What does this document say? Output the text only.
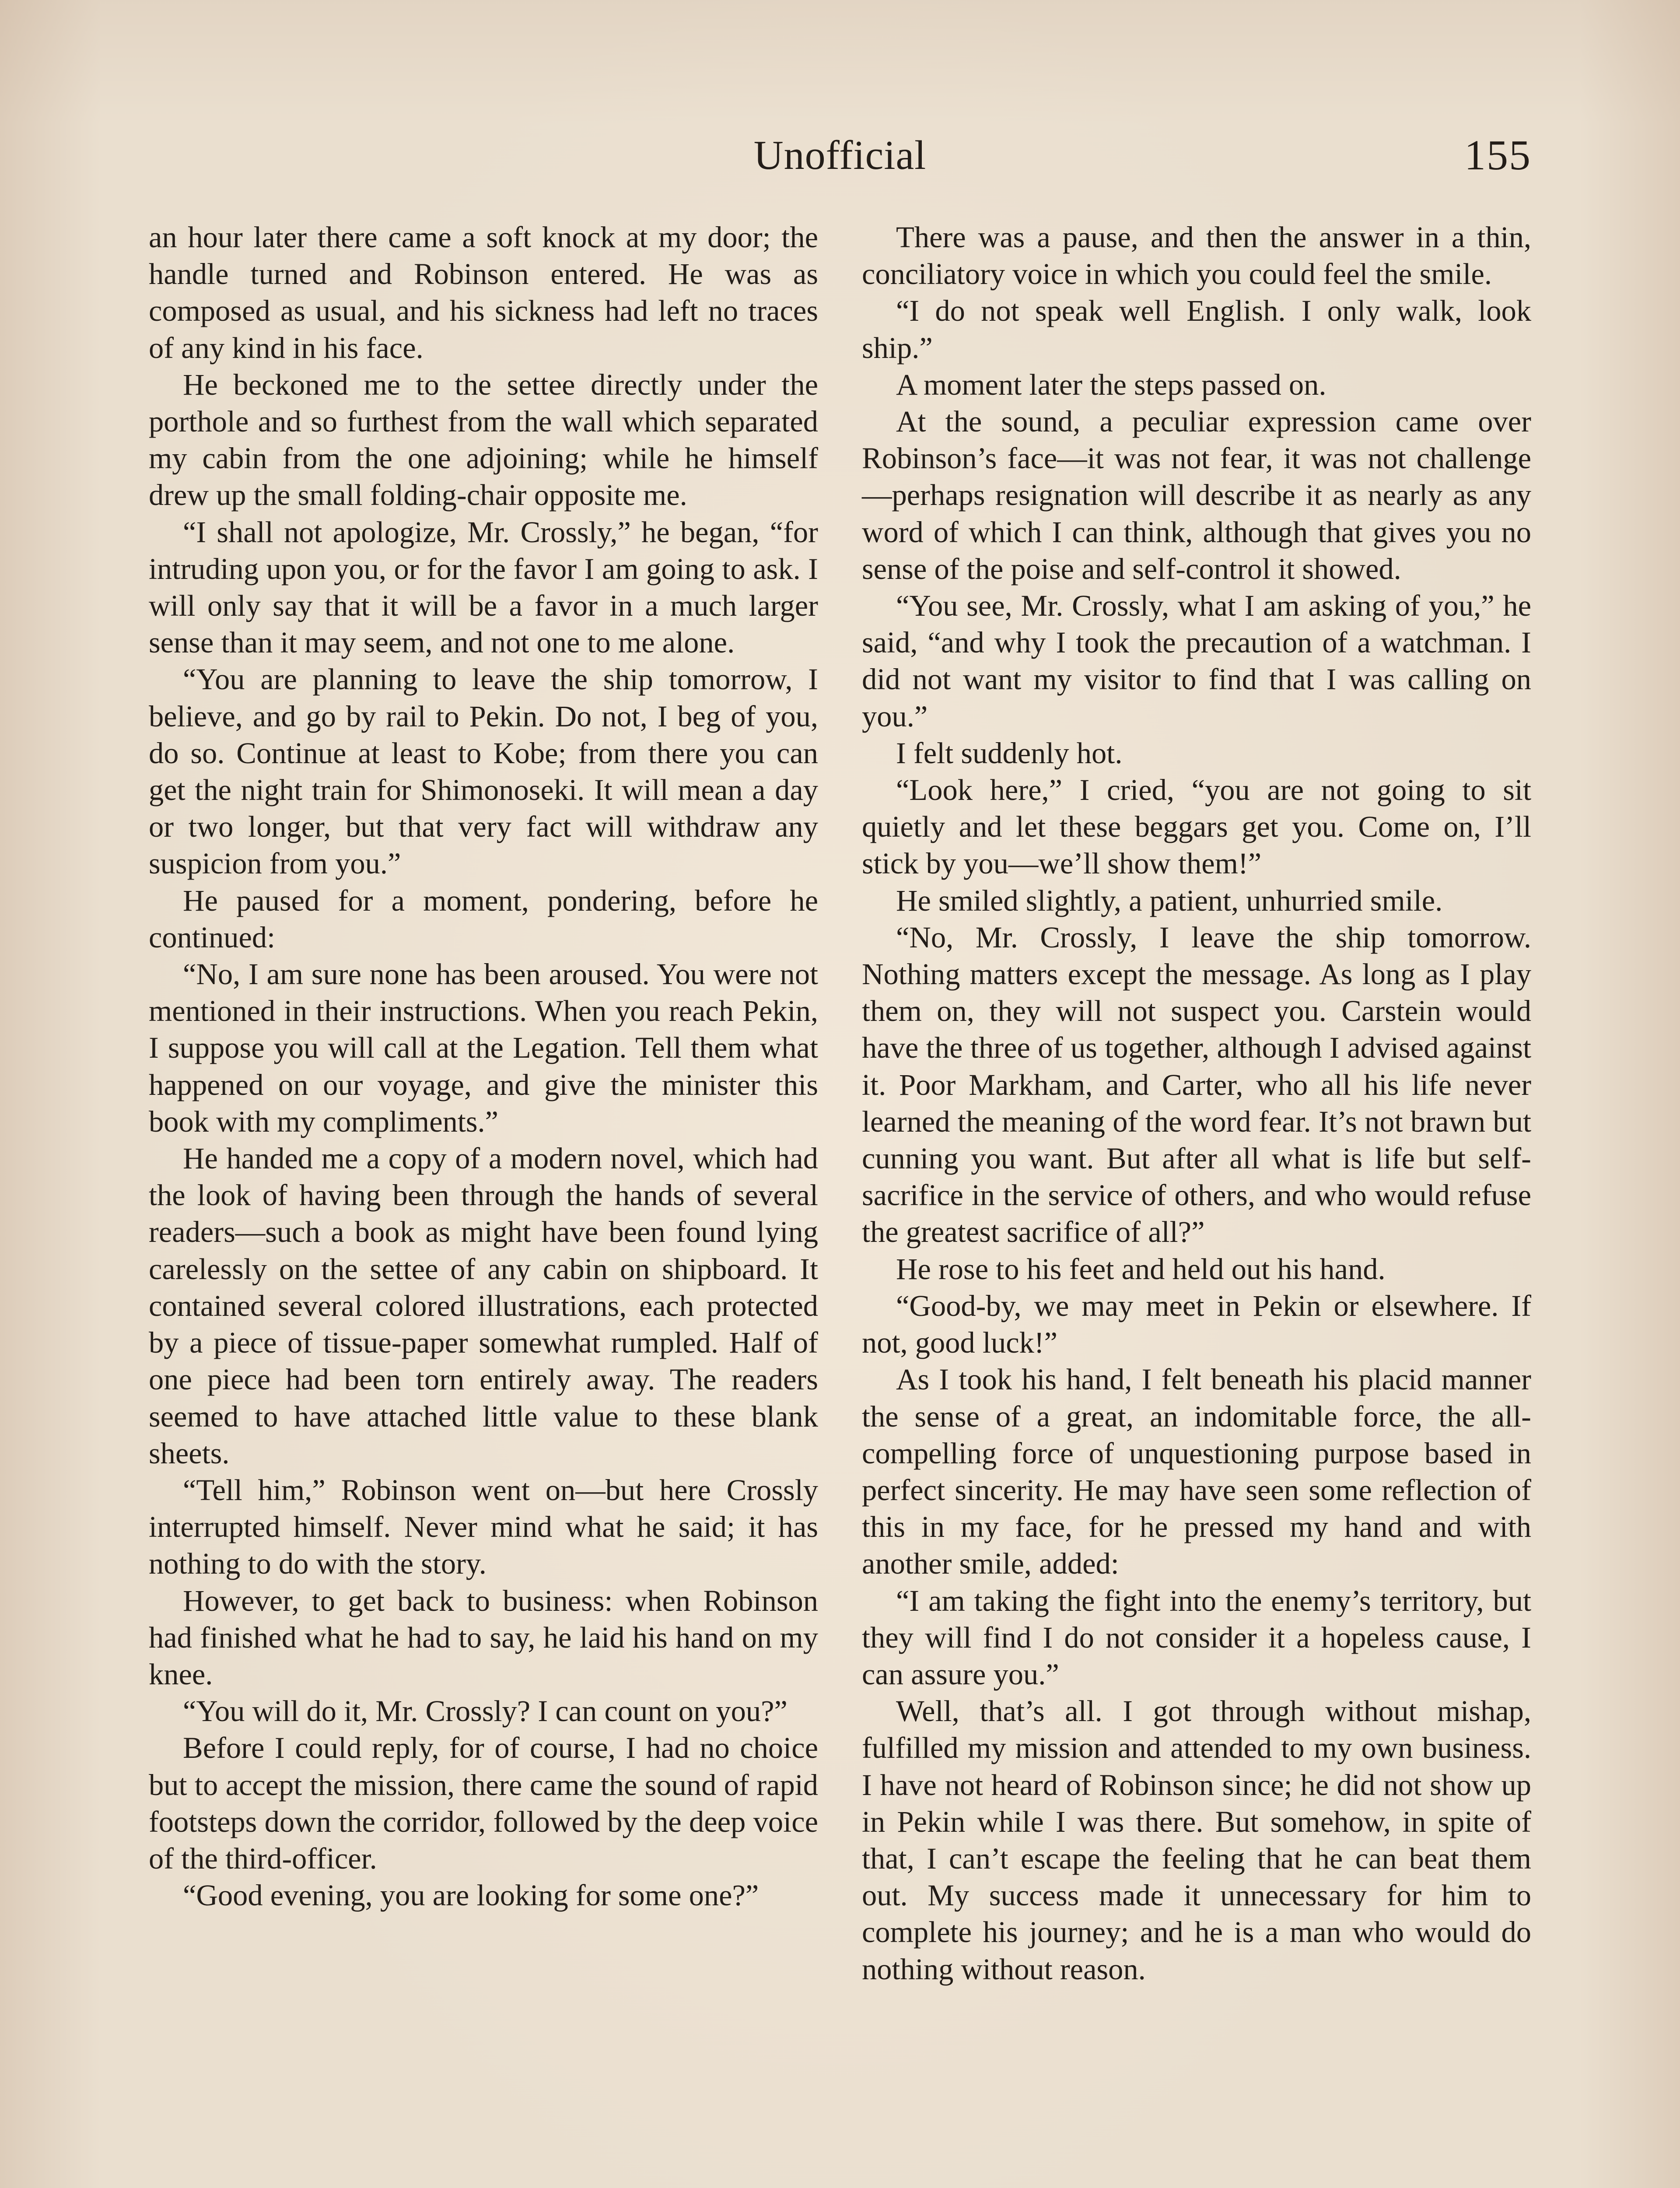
Unofficial	155

an hour later there came a soft knock at my door; the handle turned and Robinson entered. He was as composed as usual, and his sickness had left no traces of any kind in his face.

He beckoned me to the settee directly under the porthole and so furthest from the wall which separated my cabin from the one adjoining; while he himself drew up the small folding-chair opposite me.

“I shall not apologize, Mr. Crossly,” he began, “for intruding upon you, or for the favor I am going to ask. I will only say that it will be a favor in a much larger sense than it may seem, and not one to me alone.

“You are planning to leave the ship tomorrow, I believe, and go by rail to Pekin. Do not, I beg of you, do so. Continue at least to Kobe; from there you can get the night train for Shimonoseki. It will mean a day or two longer, but that very fact will withdraw any suspicion from you.”

He paused for a moment, pondering, before he continued:

“No, I am sure none has been aroused. You were not mentioned in their instructions. When you reach Pekin, I suppose you will call at the Legation. Tell them what happened on our voyage, and give the minister this book with my compliments.”

He handed me a copy of a modern novel, which had the look of having been through the hands of several readers—such a book as might have been found lying carelessly on the settee of any cabin on shipboard. It contained several colored illustrations, each protected by a piece of tissue-paper somewhat rumpled. Half of one piece had been torn entirely away. The readers seemed to have attached little value to these blank sheets.

“Tell him,” Robinson went on—but here Crossly interrupted himself. Never mind what he said; it has nothing to do with the story.

However, to get back to business: when Robinson had finished what he had to say, he laid his hand on my knee.

“You will do it, Mr. Crossly? I can count on you?”

Before I could reply, for of course, I had no choice but to accept the mission, there came the sound of rapid footsteps down the corridor, followed by the deep voice of the third-officer.

“Good evening, you are looking for some one?”

There was a pause, and then the answer in a thin, conciliatory voice in which you could feel the smile.

“I do not speak well English. I only walk, look ship.”

A moment later the steps passed on.

At the sound, a peculiar expression came over Robinson’s face—it was not fear, it was not challenge—perhaps resignation will describe it as nearly as any word of which I can think, although that gives you no sense of the poise and self-control it showed.

“You see, Mr. Crossly, what I am asking of you,” he said, “and why I took the precaution of a watchman. I did not want my visitor to find that I was calling on you.”

I felt suddenly hot.

“Look here,” I cried, “you are not going to sit quietly and let these beggars get you. Come on, I’ll stick by you—we’ll show them!”

He smiled slightly, a patient, unhurried smile.

“No, Mr. Crossly, I leave the ship tomorrow. Nothing matters except the message. As long as I play them on, they will not suspect you. Carstein would have the three of us together, although I advised against it. Poor Markham, and Carter, who all his life never learned the meaning of the word fear. It’s not brawn but cunning you want. But after all what is life but self-sacrifice in the service of others, and who would refuse the greatest sacrifice of all?”

He rose to his feet and held out his hand.

“Good-by, we may meet in Pekin or elsewhere. If not, good luck!”

As I took his hand, I felt beneath his placid manner the sense of a great, an indomitable force, the all-compelling force of unquestioning purpose based in perfect sincerity. He may have seen some reflection of this in my face, for he pressed my hand and with another smile, added:

“I am taking the fight into the enemy’s territory, but they will find I do not consider it a hopeless cause, I can assure you.”

Well, that’s all. I got through without mishap, fulfilled my mission and attended to my own business. I have not heard of Robinson since; he did not show up in Pekin while I was there. But somehow, in spite of that, I can’t escape the feeling that he can beat them out. My success made it unnecessary for him to complete his journey; and he is a man who would do nothing without reason.
